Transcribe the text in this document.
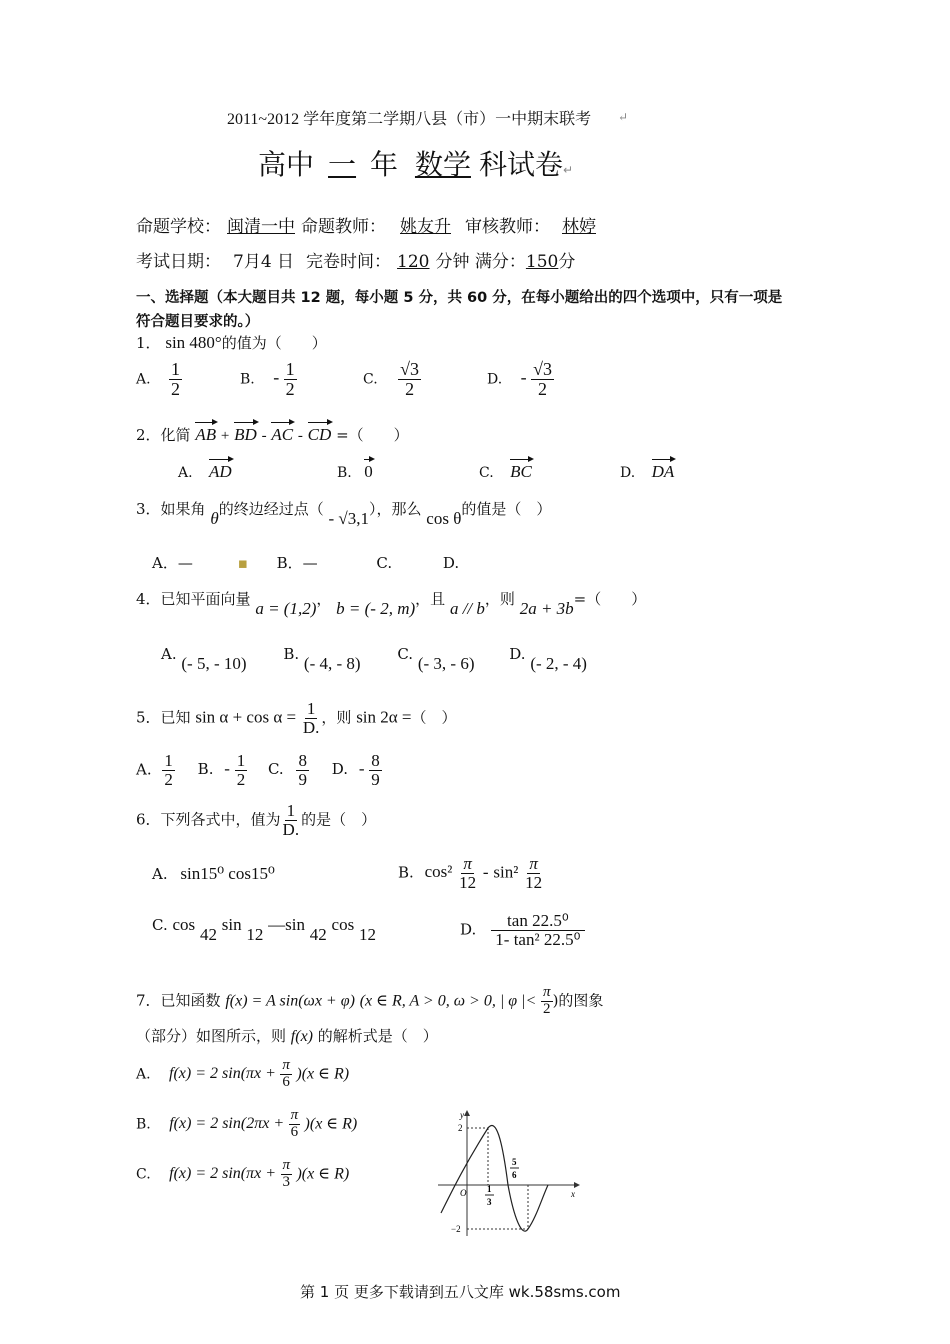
2011~2012 学年度第二学期八县（市）一中期末联考 ↵
高中 一 年 数学 科试卷↵
命题学校： 闽清一中 命题教师： 姚友升 审核教师： 林婷
考试日期： 7月4 日 完卷时间： 120 分钟 满分：150分
一、选择题（本大题目共 12 题，每小题 5 分，共 60 分，在每小题给出的四个选项中，只有一项是
符合题目要求的。）
1． sin 480°的值为（　　）
A. $\frac{1}{2}$	B. - $\frac{1}{2}$	C. $\frac{√3}{2}$	D. - $\frac{√3}{2}$
2．化简 AB + BD - AC - CD =（　　）
A. AD	B. 0	C. BC	D. DA
3．如果角 θ的终边经过点（ - √3,1），那么 cos θ的值是（　）
A．—	▪ B．—	C.	D.
4．已知平面向量 a = (1,2)， b = (- 2, m)，且 a // b，则 2a + 3b=（　　）
A. (- 5, - 10) B. (- 4, - 8) C. (- 3, - 6) D. (- 2, - 4)
5．已知 $\sin \alpha + \cos \alpha = \frac{1}{D.}$ ，则 sin 2α =（　）
A. $\frac{1}{2} B$. - $\frac{1}{2} C$. $\frac{8}{9} D$. - $\frac{8}{9}$
6．下列各式中，值为 $\frac{1}{D.}$ 的是（　）
A. sin15⁰ cos15⁰	B. $\cos^2 \frac{\pi}{12} - \sin^2 \frac{\pi}{12}$
C. cos 42 sin 12 —sin 42 cos 12	D. $\frac{\text{tan 22.5⁰}}{\text{1- tan² 22.5⁰}}$
7．已知函数 f(x) = A sin(ωx + φ) (x ∈ R, A > 0, ω > 0, | φ |< $\frac{\pi}{2}$ )的图象
（部分）如图所示，则 f(x) 的解析式是（　）
A. f(x) = 2 $\sin(\pi x + \frac{\pi}{6} )(x$ ∈ R)
B. f(x) = 2 $\sin(2\pi x + \frac{\pi}{6} )(x$ ∈ R)
C. f(x) = 2 $\sin(\pi x + \frac{\pi}{3} )(x$ ∈ R)
y
x
O
2
−2
1
3
5
6
第 1 页 更多下载请到五八文库 wk.58sms.com
